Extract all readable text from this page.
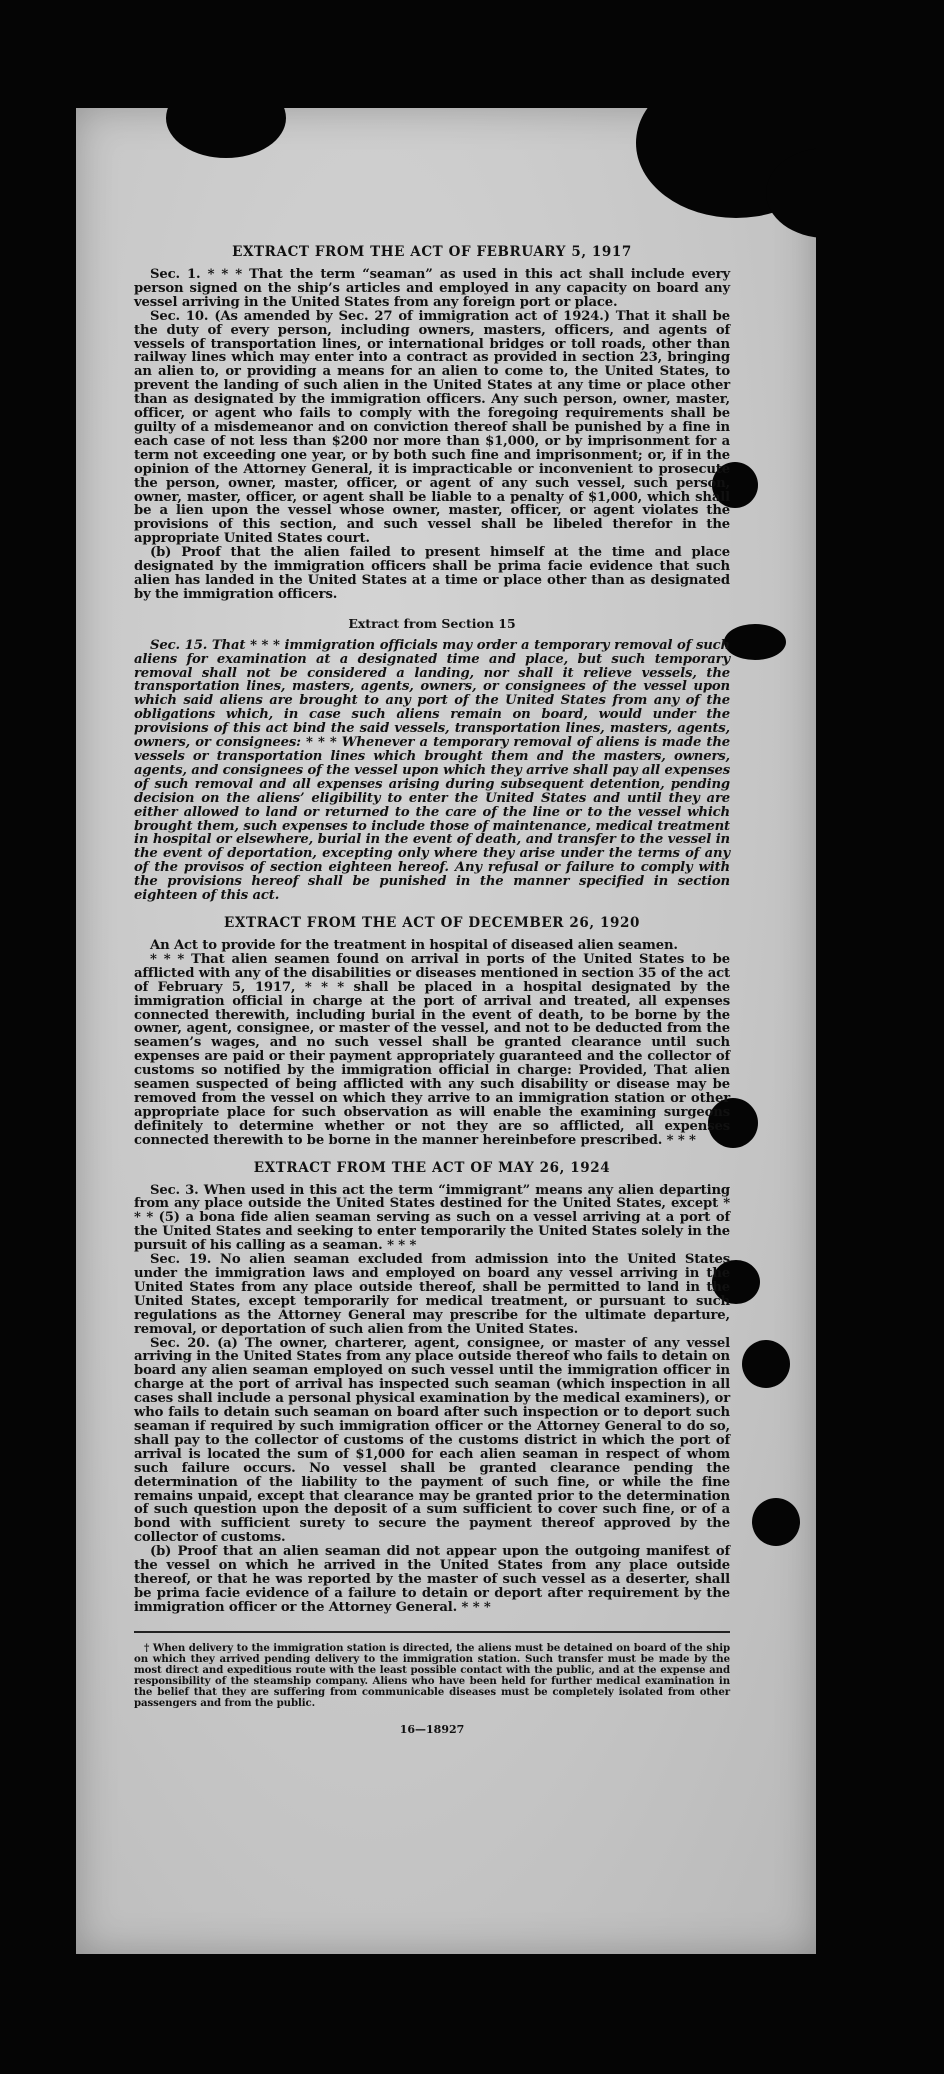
EXTRACT FROM THE ACT OF FEBRUARY 5, 1917

Sec. 1. * * * That the term “seaman” as used in this act shall include every person signed on the ship’s articles and employed in any capacity on board any vessel arriving in the United States from any foreign port or place.

Sec. 10. (As amended by Sec. 27 of immigration act of 1924.) That it shall be the duty of every person, including owners, masters, officers, and agents of vessels of transportation lines, or international bridges or toll roads, other than railway lines which may enter into a contract as provided in section 23, bringing an alien to, or providing a means for an alien to come to, the United States, to prevent the landing of such alien in the United States at any time or place other than as designated by the immigration officers. Any such person, owner, master, officer, or agent who fails to comply with the foregoing requirements shall be guilty of a misdemeanor and on conviction thereof shall be punished by a fine in each case of not less than $200 nor more than $1,000, or by imprisonment for a term not exceeding one year, or by both such fine and imprisonment; or, if in the opinion of the Attorney General, it is impracticable or inconvenient to prosecute the person, owner, master, officer, or agent of any such vessel, such person, owner, master, officer, or agent shall be liable to a penalty of $1,000, which shall be a lien upon the vessel whose owner, master, officer, or agent violates the provisions of this section, and such vessel shall be libeled therefor in the appropriate United States court.

(b) Proof that the alien failed to present himself at the time and place designated by the immigration officers shall be prima facie evidence that such alien has landed in the United States at a time or place other than as designated by the immigration officers.

Extract from Section 15

Sec. 15. That * * * immigration officials may order a temporary removal of such aliens for examination at a designated time and place, but such temporary removal shall not be considered a landing, nor shall it relieve vessels, the transportation lines, masters, agents, owners, or consignees of the vessel upon which said aliens are brought to any port of the United States from any of the obligations which, in case such aliens remain on board, would under the provisions of this act bind the said vessels, transportation lines, masters, agents, owners, or consignees: * * * Whenever a temporary removal of aliens is made the vessels or transportation lines which brought them and the masters, owners, agents, and consignees of the vessel upon which they arrive shall pay all expenses of such removal and all expenses arising during subsequent detention, pending decision on the aliens’ eligibility to enter the United States and until they are either allowed to land or returned to the care of the line or to the vessel which brought them, such expenses to include those of maintenance, medical treatment in hospital or elsewhere, burial in the event of death, and transfer to the vessel in the event of deportation, excepting only where they arise under the terms of any of the provisos of section eighteen hereof. Any refusal or failure to comply with the provisions hereof shall be punished in the manner specified in section eighteen of this act.

EXTRACT FROM THE ACT OF DECEMBER 26, 1920

An Act to provide for the treatment in hospital of diseased alien seamen.

* * * That alien seamen found on arrival in ports of the United States to be afflicted with any of the disabilities or diseases mentioned in section 35 of the act of February 5, 1917, * * * shall be placed in a hospital designated by the immigration official in charge at the port of arrival and treated, all expenses connected therewith, including burial in the event of death, to be borne by the owner, agent, consignee, or master of the vessel, and not to be deducted from the seamen’s wages, and no such vessel shall be granted clearance until such expenses are paid or their payment appropriately guaranteed and the collector of customs so notified by the immigration official in charge: Provided, That alien seamen suspected of being afflicted with any such disability or disease may be removed from the vessel on which they arrive to an immigration station or other appropriate place for such observation as will enable the examining surgeons definitely to determine whether or not they are so afflicted, all expenses connected therewith to be borne in the manner hereinbefore prescribed. * * *

EXTRACT FROM THE ACT OF MAY 26, 1924

Sec. 3. When used in this act the term “immigrant” means any alien departing from any place outside the United States destined for the United States, except * * * (5) a bona fide alien seaman serving as such on a vessel arriving at a port of the United States and seeking to enter temporarily the United States solely in the pursuit of his calling as a seaman. * * *

Sec. 19. No alien seaman excluded from admission into the United States under the immigration laws and employed on board any vessel arriving in the United States from any place outside thereof, shall be permitted to land in the United States, except temporarily for medical treatment, or pursuant to such regulations as the Attorney General may prescribe for the ultimate departure, removal, or deportation of such alien from the United States.

Sec. 20. (a) The owner, charterer, agent, consignee, or master of any vessel arriving in the United States from any place outside thereof who fails to detain on board any alien seaman employed on such vessel until the immigration officer in charge at the port of arrival has inspected such seaman (which inspection in all cases shall include a personal physical examination by the medical examiners), or who fails to detain such seaman on board after such inspection or to deport such seaman if required by such immigration officer or the Attorney General to do so, shall pay to the collector of customs of the customs district in which the port of arrival is located the sum of $1,000 for each alien seaman in respect of whom such failure occurs. No vessel shall be granted clearance pending the determination of the liability to the payment of such fine, or while the fine remains unpaid, except that clearance may be granted prior to the determination of such question upon the deposit of a sum sufficient to cover such fine, or of a bond with sufficient surety to secure the payment thereof approved by the collector of customs.

(b) Proof that an alien seaman did not appear upon the outgoing manifest of the vessel on which he arrived in the United States from any place outside thereof, or that he was reported by the master of such vessel as a deserter, shall be prima facie evidence of a failure to detain or deport after requirement by the immigration officer or the Attorney General. * * *

† When delivery to the immigration station is directed, the aliens must be detained on board of the ship on which they arrived pending delivery to the immigration station. Such transfer must be made by the most direct and expeditious route with the least possible contact with the public, and at the expense and responsibility of the steamship company. Aliens who have been held for further medical examination in the belief that they are suffering from communicable diseases must be completely isolated from other passengers and from the public.

16—18927
